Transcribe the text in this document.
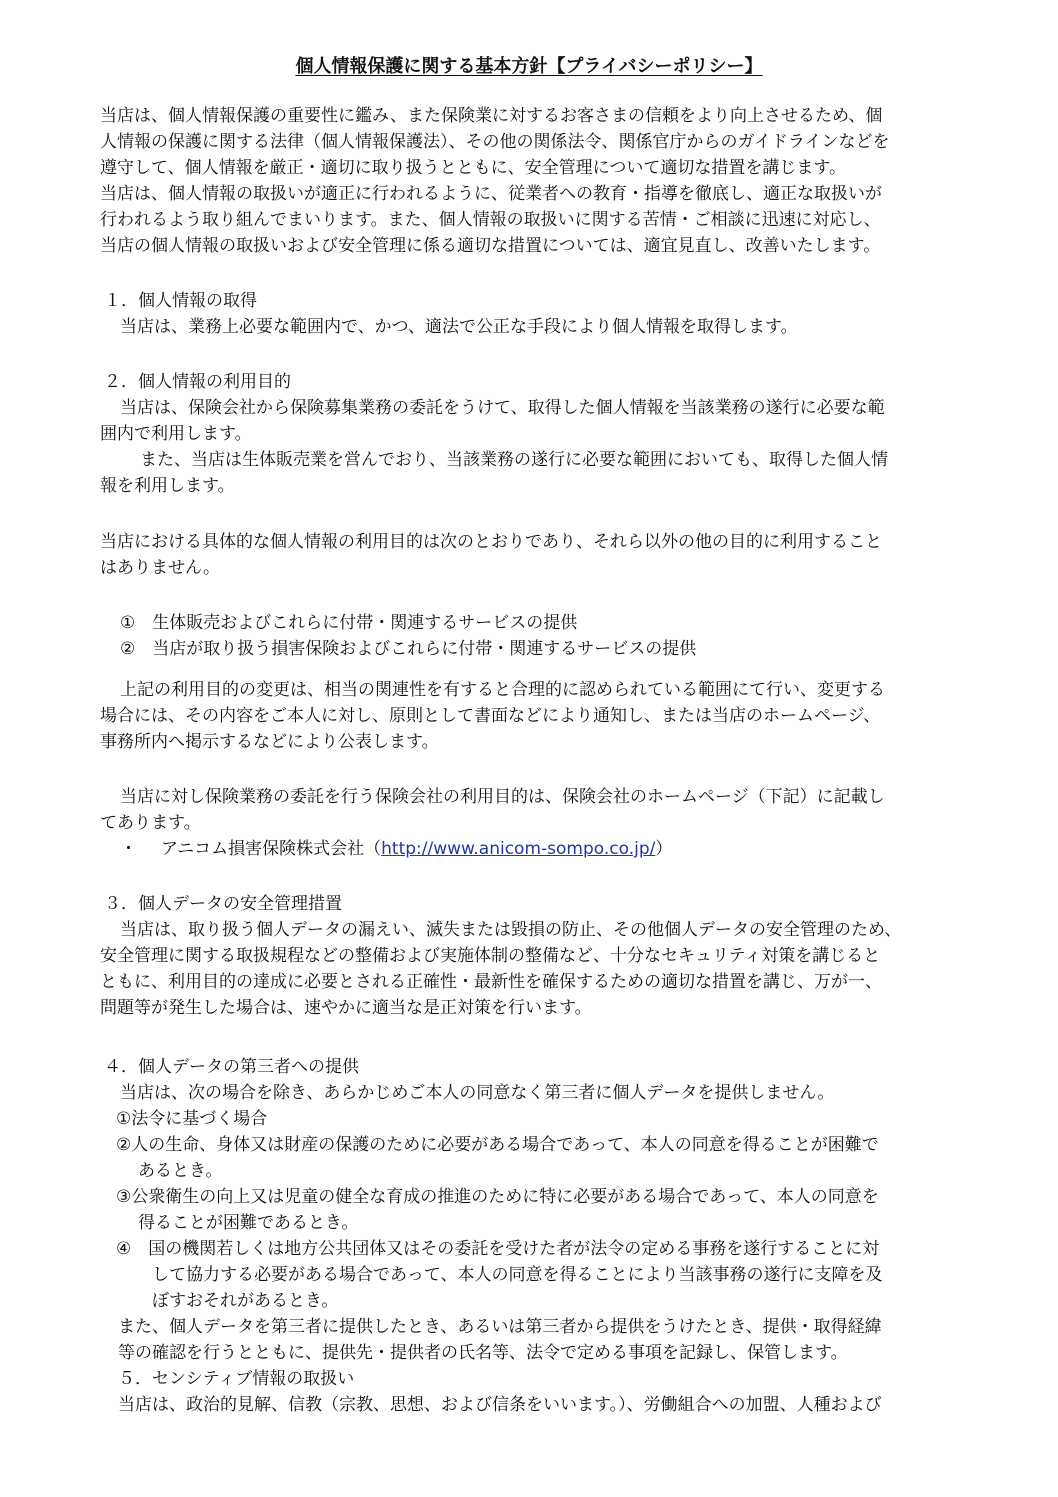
個人情報保護に関する基本方針【プライバシーポリシー】
当店は、個人情報保護の重要性に鑑み、また保険業に対するお客さまの信頼をより向上させるため、個
人情報の保護に関する法律（個人情報保護法）、その他の関係法令、関係官庁からのガイドラインなどを
遵守して、個人情報を厳正・適切に取り扱うとともに、安全管理について適切な措置を講じます。
当店は、個人情報の取扱いが適正に行われるように、従業者への教育・指導を徹底し、適正な取扱いが
行われるよう取り組んでまいります。また、個人情報の取扱いに関する苦情・ご相談に迅速に対応し、
当店の個人情報の取扱いおよび安全管理に係る適切な措置については、適宜見直し、改善いたします。
１．個人情報の取得
当店は、業務上必要な範囲内で、かつ、適法で公正な手段により個人情報を取得します。
２．個人情報の利用目的
当店は、保険会社から保険募集業務の委託をうけて、取得した個人情報を当該業務の遂行に必要な範
囲内で利用します。
また、当店は生体販売業を営んでおり、当該業務の遂行に必要な範囲においても、取得した個人情
報を利用します。
当店における具体的な個人情報の利用目的は次のとおりであり、それら以外の他の目的に利用すること
はありません。
①　生体販売およびこれらに付帯・関連するサービスの提供
②　当店が取り扱う損害保険およびこれらに付帯・関連するサービスの提供
上記の利用目的の変更は、相当の関連性を有すると合理的に認められている範囲にて行い、変更する
場合には、その内容をご本人に対し、原則として書面などにより通知し、または当店のホームページ、
事務所内へ掲示するなどにより公表します。
当店に対し保険業務の委託を行う保険会社の利用目的は、保険会社のホームページ（下記）に記載し
てあります。
・ アニコム損害保険株式会社（http://www.anicom-sompo.co.jp/）
３．個人データの安全管理措置
当店は、取り扱う個人データの漏えい、滅失または毀損の防止、その他個人データの安全管理のため、
安全管理に関する取扱規程などの整備および実施体制の整備など、十分なセキュリティ対策を講じると
ともに、利用目的の達成に必要とされる正確性・最新性を確保するための適切な措置を講じ、万が一、
問題等が発生した場合は、速やかに適当な是正対策を行います。
４．個人データの第三者への提供
当店は、次の場合を除き、あらかじめご本人の同意なく第三者に個人データを提供しません。
①法令に基づく場合
②人の生命、身体又は財産の保護のために必要がある場合であって、本人の同意を得ることが困難で
あるとき。
③公衆衛生の向上又は児童の健全な育成の推進のために特に必要がある場合であって、本人の同意を
得ることが困難であるとき。
④　国の機関若しくは地方公共団体又はその委託を受けた者が法令の定める事務を遂行することに対
して協力する必要がある場合であって、本人の同意を得ることにより当該事務の遂行に支障を及
ぼすおそれがあるとき。
また、個人データを第三者に提供したとき、あるいは第三者から提供をうけたとき、提供・取得経緯
等の確認を行うとともに、提供先・提供者の氏名等、法令で定める事項を記録し、保管します。
５．センシティブ情報の取扱い
当店は、政治的見解、信教（宗教、思想、および信条をいいます。）、労働組合への加盟、人種および
